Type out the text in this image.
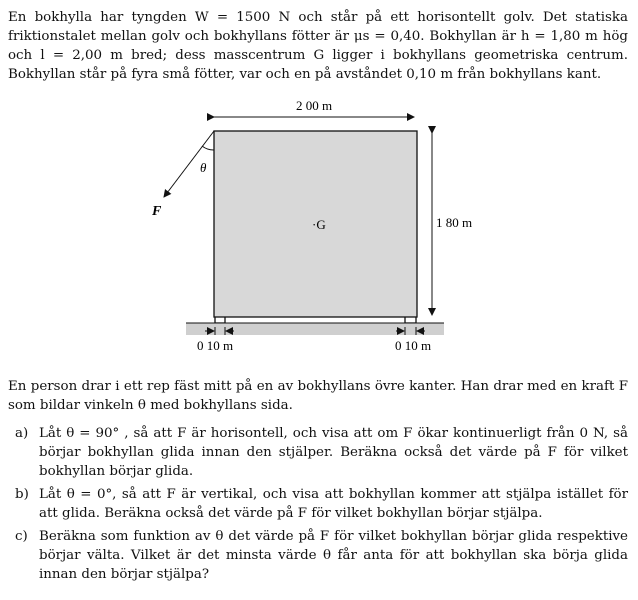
En bokhylla har tyngden W = 1500 N och står på ett horisontellt golv. Det statiska friktionstalet mellan golv och bokhyllans fötter är μs = 0,40. Bokhyllan är h = 1,80 m hög och l = 2,00 m bred; dess masscentrum G ligger i bokhyllans geometriska centrum. Bokhyllan står på fyra små fötter, var och en på avståndet 0,10 m från bokhyllans kant.

2 00 m
·G	1 80 m
F
θ
0 10 m	0 10 m

En person drar i ett rep fäst mitt på en av bokhyllans övre kanter. Han drar med en kraft F som bildar vinkeln θ med bokhyllans sida.

a) Låt θ = 90° , så att F är horisontell, och visa att om F ökar kontinuerligt från 0 N, så börjar bokhyllan glida innan den stjälper. Beräkna också det värde på F för vilket bokhyllan börjar glida.
b) Låt θ = 0°, så att F är vertikal, och visa att bokhyllan kommer att stjälpa istället för att glida. Beräkna också det värde på F för vilket bokhyllan börjar stjälpa.
c) Beräkna som funktion av θ det värde på F för vilket bokhyllan börjar glida respektive börjar välta. Vilket är det minsta värde θ får anta för att bokhyllan ska börja glida innan den börjar stjälpa?
